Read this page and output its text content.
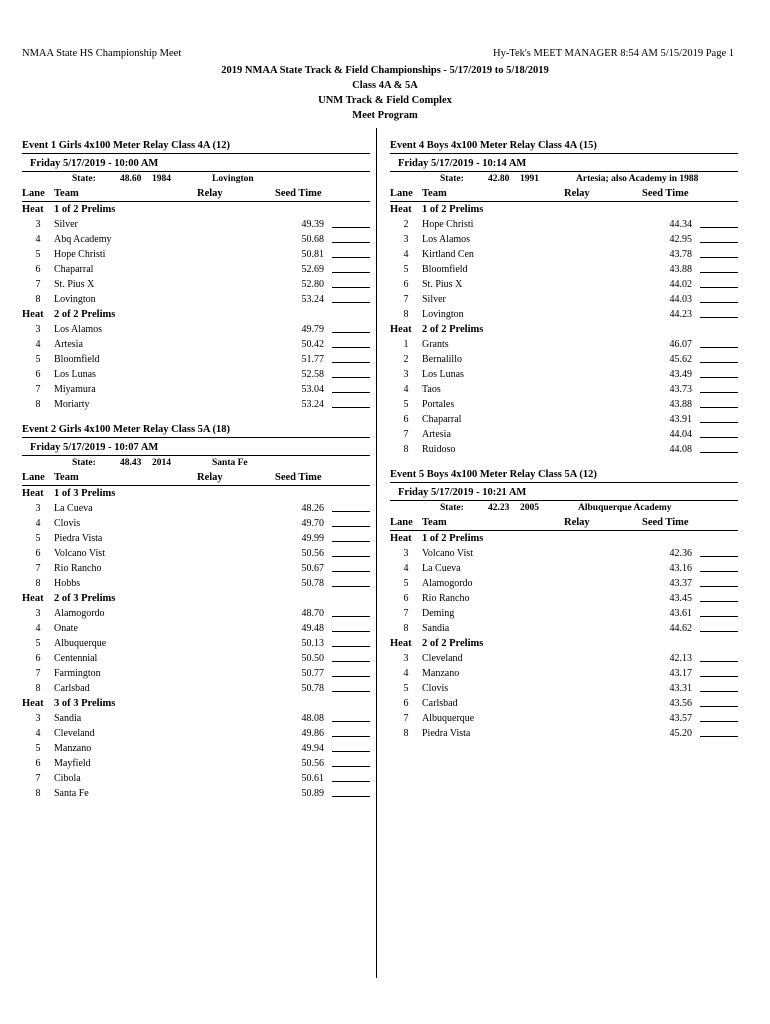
NMAA State HS Championship Meet	Hy-Tek's MEET MANAGER 8:54 AM 5/15/2019 Page 1
2019 NMAA State Track & Field Championships - 5/17/2019 to 5/18/2019
Class 4A & 5A
UNM Track & Field Complex
Meet Program
Event 1 Girls 4x100 Meter Relay Class 4A (12)
Friday 5/17/2019 - 10:00 AM
State:	48.60 1984	Lovington
Lane Team	Relay	Seed Time
Heat 1 of 2 Prelims
3 Silver	49.39
4 Abq Academy	50.68
5 Hope Christi	50.81
6 Chaparral	52.69
7 St. Pius X	52.80
8 Lovington	53.24
Heat 2 of 2 Prelims
3 Los Alamos	49.79
4 Artesia	50.42
5 Bloomfield	51.77
6 Los Lunas	52.58
7 Miyamura	53.04
8 Moriarty	53.24
Event 2 Girls 4x100 Meter Relay Class 5A (18)
Friday 5/17/2019 - 10:07 AM
State:	48.43 2014	Santa Fe
Lane Team	Relay	Seed Time
Heat 1 of 3 Prelims
3 La Cueva	48.26
4 Clovis	49.70
5 Piedra Vista	49.99
6 Volcano Vist	50.56
7 Rio Rancho	50.67
8 Hobbs	50.78
Heat 2 of 3 Prelims
3 Alamogordo	48.70
4 Onate	49.48
5 Albuquerque	50.13
6 Centennial	50.50
7 Farmington	50.77
8 Carlsbad	50.78
Heat 3 of 3 Prelims
3 Sandia	48.08
4 Cleveland	49.86
5 Manzano	49.94
6 Mayfield	50.56
7 Cibola	50.61
8 Santa Fe	50.89
Event 4 Boys 4x100 Meter Relay Class 4A (15)
Friday 5/17/2019 - 10:14 AM
State:	42.80 1991	Artesia; also Academy in 1988
Lane Team	Relay	Seed Time
Heat 1 of 2 Prelims
2 Hope Christi	44.34
3 Los Alamos	42.95
4 Kirtland Cen	43.78
5 Bloomfield	43.88
6 St. Pius X	44.02
7 Silver	44.03
8 Lovington	44.23
Heat 2 of 2 Prelims
1 Grants	46.07
2 Bernalillo	45.62
3 Los Lunas	43.49
4 Taos	43.73
5 Portales	43.88
6 Chaparral	43.91
7 Artesia	44.04
8 Ruidoso	44.08
Event 5 Boys 4x100 Meter Relay Class 5A (12)
Friday 5/17/2019 - 10:21 AM
State:	42.23 2005	Albuquerque Academy
Lane Team	Relay	Seed Time
Heat 1 of 2 Prelims
3 Volcano Vist	42.36
4 La Cueva	43.16
5 Alamogordo	43.37
6 Rio Rancho	43.45
7 Deming	43.61
8 Sandia	44.62
Heat 2 of 2 Prelims
3 Cleveland	42.13
4 Manzano	43.17
5 Clovis	43.31
6 Carlsbad	43.56
7 Albuquerque	43.57
8 Piedra Vista	45.20
